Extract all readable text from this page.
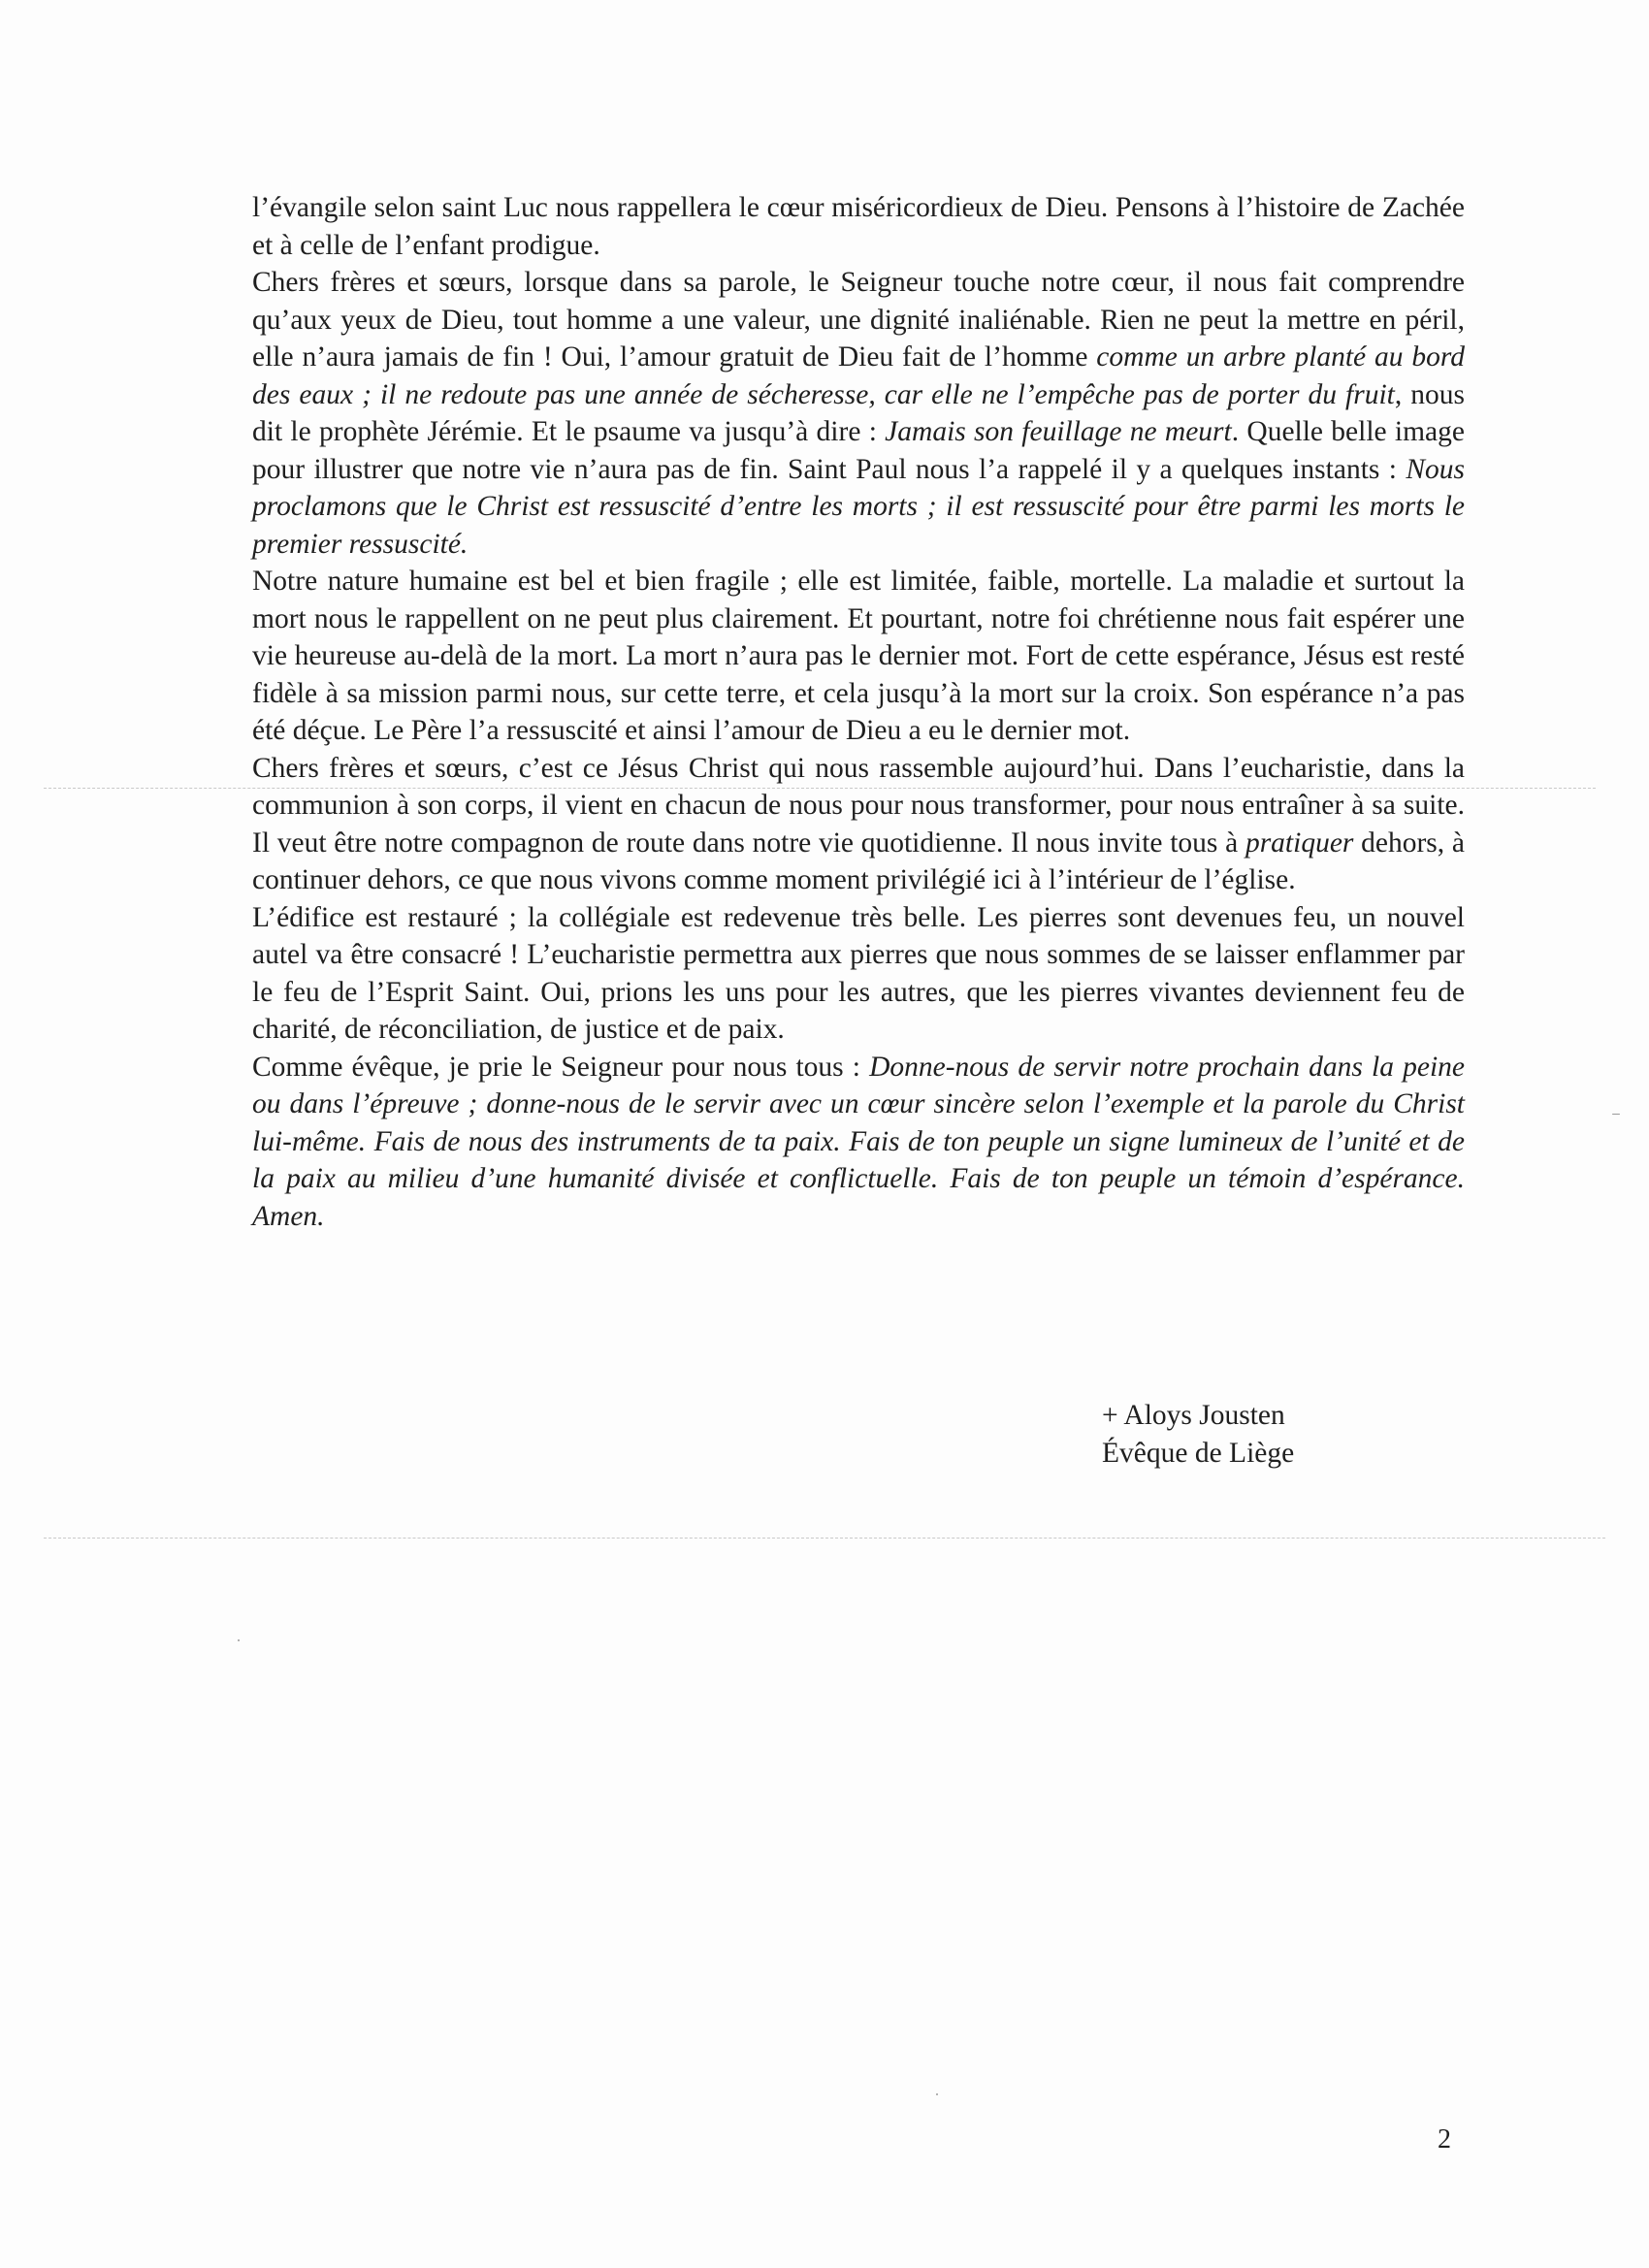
l’évangile selon saint Luc nous rappellera le cœur miséricordieux de Dieu. Pensons à l’histoire de Zachée et à celle de l’enfant prodigue.

Chers frères et sœurs, lorsque dans sa parole, le Seigneur touche notre cœur, il nous fait comprendre qu’aux yeux de Dieu, tout homme a une valeur, une dignité inaliénable. Rien ne peut la mettre en péril, elle n’aura jamais de fin ! Oui, l’amour gratuit de Dieu fait de l’homme comme un arbre planté au bord des eaux ; il ne redoute pas une année de sécheresse, car elle ne l’empêche pas de porter du fruit, nous dit le prophète Jérémie. Et le psaume va jusqu’à dire : Jamais son feuillage ne meurt. Quelle belle image pour illustrer que notre vie n’aura pas de fin. Saint Paul nous l’a rappelé il y a quelques instants : Nous proclamons que le Christ est ressuscité d’entre les morts ; il est ressuscité pour être parmi les morts le premier ressuscité.

Notre nature humaine est bel et bien fragile ; elle est limitée, faible, mortelle. La maladie et surtout la mort nous le rappellent on ne peut plus clairement. Et pourtant, notre foi chrétienne nous fait espérer une vie heureuse au-delà de la mort. La mort n’aura pas le dernier mot. Fort de cette espérance, Jésus est resté fidèle à sa mission parmi nous, sur cette terre, et cela jusqu’à la mort sur la croix. Son espérance n’a pas été déçue. Le Père l’a ressuscité et ainsi l’amour de Dieu a eu le dernier mot.

Chers frères et sœurs, c’est ce Jésus Christ qui nous rassemble aujourd’hui. Dans l’eucharistie, dans la communion à son corps, il vient en chacun de nous pour nous transformer, pour nous entraîner à sa suite. Il veut être notre compagnon de route dans notre vie quotidienne. Il nous invite tous à pratiquer dehors, à continuer dehors, ce que nous vivons comme moment privilégié ici à l’intérieur de l’église.

L’édifice est restauré ; la collégiale est redevenue très belle. Les pierres sont devenues feu, un nouvel autel va être consacré ! L’eucharistie permettra aux pierres que nous sommes de se laisser enflammer par le feu de l’Esprit Saint. Oui, prions les uns pour les autres, que les pierres vivantes deviennent feu de charité, de réconciliation, de justice et de paix.

Comme évêque, je prie le Seigneur pour nous tous : Donne-nous de servir notre prochain dans la peine ou dans l’épreuve ; donne-nous de le servir avec un cœur sincère selon l’exemple et la parole du Christ lui-même. Fais de nous des instruments de ta paix. Fais de ton peuple un signe lumineux de l’unité et de la paix au milieu d’une humanité divisée et conflictuelle. Fais de ton peuple un témoin d’espérance.    Amen.

+ Aloys Jousten
Évêque de Liège
2
